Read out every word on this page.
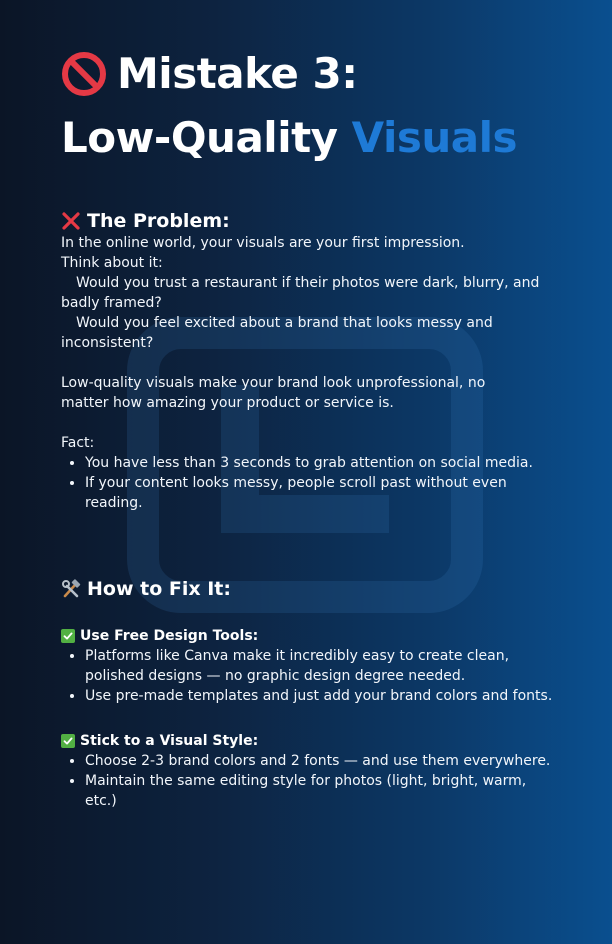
Mistake 3:
Low-Quality
Visuals
The Problem:
In the online world, your visuals are your first impression.
Think about it:
Would you trust a restaurant if their photos were dark, blurry, and
badly framed?
Would you feel excited about a brand that looks messy and
inconsistent?
Low-quality visuals make your brand look unprofessional, no
matter how amazing your product or service is.
Fact:
• You have less than 3 seconds to grab attention on social media.
• If your content looks messy, people scroll past without even reading.
How to Fix It:
Use Free Design Tools:
• Platforms like Canva make it incredibly easy to create clean, polished designs — no graphic design degree needed.
• Use pre-made templates and just add your brand colors and fonts.
Stick to a Visual Style:
• Choose 2-3 brand colors and 2 fonts — and use them everywhere.
• Maintain the same editing style for photos (light, bright, warm, etc.)
